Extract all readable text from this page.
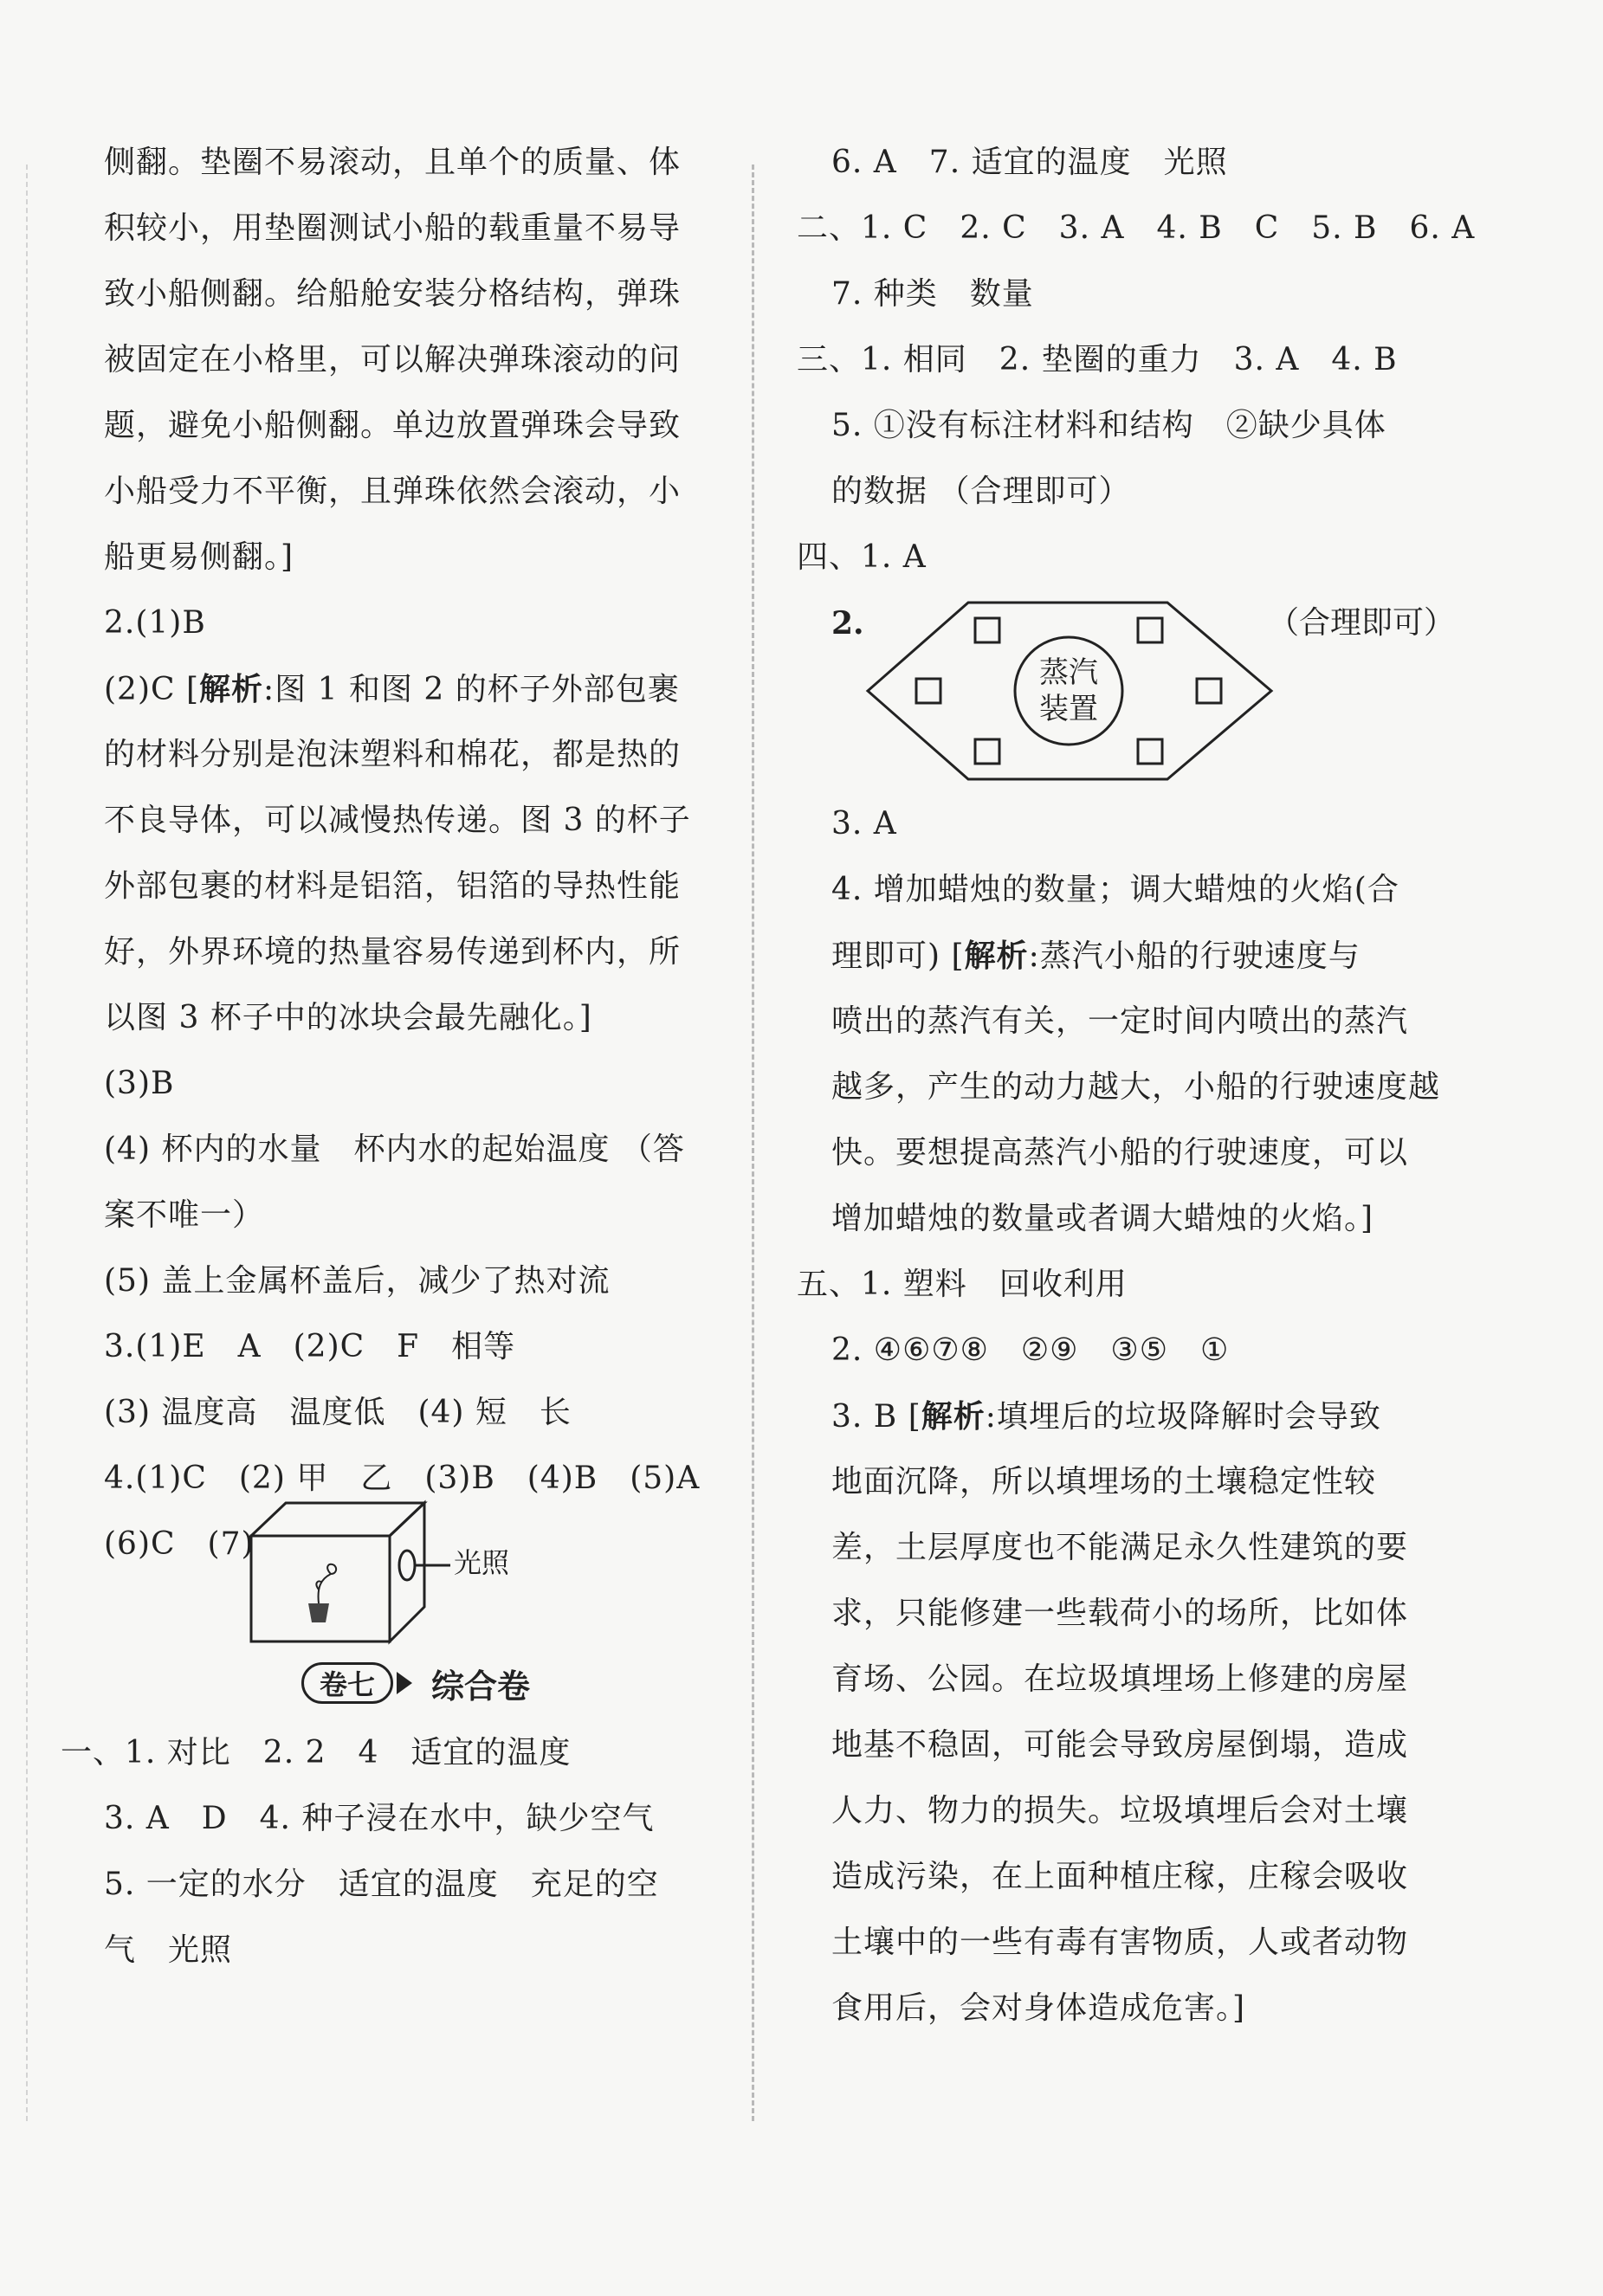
侧翻。垫圈不易滚动，且单个的质量、体
积较小，用垫圈测试小船的载重量不易导
致小船侧翻。给船舱安装分格结构，弹珠
被固定在小格里，可以解决弹珠滚动的问
题，避免小船侧翻。单边放置弹珠会导致
小船受力不平衡，且弹珠依然会滚动，小
船更易侧翻。]
2.(1)B
(2)C [解析:图 1 和图 2 的杯子外部包裹
的材料分别是泡沫塑料和棉花，都是热的
不良导体，可以减慢热传递。图 3 的杯子
外部包裹的材料是铝箔，铝箔的导热性能
好，外界环境的热量容易传递到杯内，所
以图 3 杯子中的冰块会最先融化。]
(3)B
(4) 杯内的水量　杯内水的起始温度 （答
案不唯一）
(5) 盖上金属杯盖后，减少了热对流
3.(1)E　A　(2)C　F　相等
(3) 温度高　温度低　(4) 短　长
4.(1)C　(2) 甲　乙　(3)B　(4)B　(5)A
(6)C　(7)
光照
卷七	综合卷
一、1. 对比　2. 2　4　适宜的温度
3. A　D　4. 种子浸在水中，缺少空气
5. 一定的水分　适宜的温度　充足的空
气　光照
6. A　7. 适宜的温度　光照
二、1. C　2. C　3. A　4. B　C　5. B　6. A
7. 种类　数量
三、1. 相同　2. 垫圈的重力　3. A　4. B
5. ①没有标注材料和结构　②缺少具体
的数据 （合理即可）
四、1. A
2.	（合理即可）
蒸汽
装置
3. A
4. 增加蜡烛的数量；调大蜡烛的火焰(合
理即可) [解析:蒸汽小船的行驶速度与
喷出的蒸汽有关，一定时间内喷出的蒸汽
越多，产生的动力越大，小船的行驶速度越
快。要想提高蒸汽小船的行驶速度，可以
增加蜡烛的数量或者调大蜡烛的火焰。]
五、1. 塑料　回收利用
2. ④⑥⑦⑧　②⑨　③⑤　①
3. B [解析:填埋后的垃圾降解时会导致
地面沉降，所以填埋场的土壤稳定性较
差，土层厚度也不能满足永久性建筑的要
求，只能修建一些载荷小的场所，比如体
育场、公园。在垃圾填埋场上修建的房屋
地基不稳固，可能会导致房屋倒塌，造成
人力、物力的损失。垃圾填埋后会对土壤
造成污染，在上面种植庄稼，庄稼会吸收
土壤中的一些有毒有害物质，人或者动物
食用后，会对身体造成危害。]
